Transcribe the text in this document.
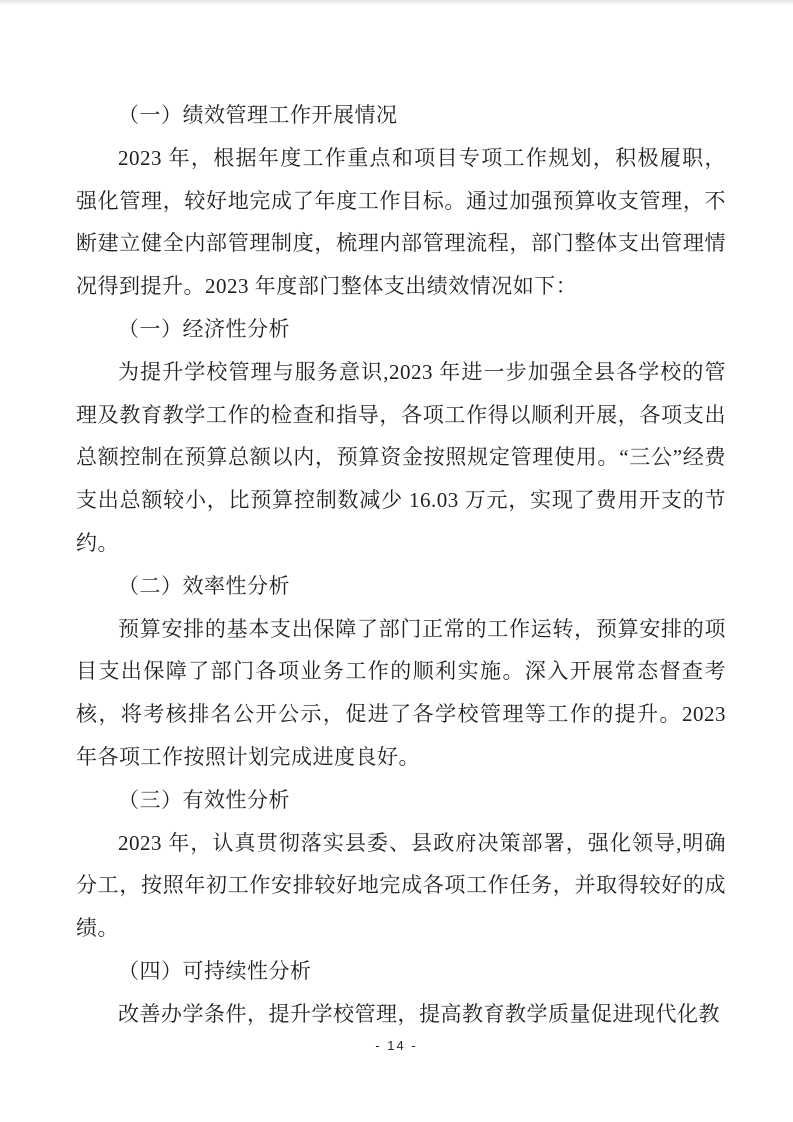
（一）绩效管理工作开展情况

2023 年，根据年度工作重点和项目专项工作规划，积极履职，强化管理，较好地完成了年度工作目标。通过加强预算收支管理，不断建立健全内部管理制度，梳理内部管理流程，部门整体支出管理情况得到提升。2023 年度部门整体支出绩效情况如下：

（一）经济性分析

为提升学校管理与服务意识,2023 年进一步加强全县各学校的管理及教育教学工作的检查和指导，各项工作得以顺利开展，各项支出总额控制在预算总额以内，预算资金按照规定管理使用。“三公”经费支出总额较小，比预算控制数减少 16.03 万元，实现了费用开支的节约。

（二）效率性分析

预算安排的基本支出保障了部门正常的工作运转，预算安排的项目支出保障了部门各项业务工作的顺利实施。深入开展常态督查考核，将考核排名公开公示，促进了各学校管理等工作的提升。2023 年各项工作按照计划完成进度良好。

（三）有效性分析

2023 年，认真贯彻落实县委、县政府决策部署，强化领导,明确分工，按照年初工作安排较好地完成各项工作任务，并取得较好的成绩。

（四）可持续性分析

改善办学条件，提升学校管理，提高教育教学质量促进现代化教

- 14 -
